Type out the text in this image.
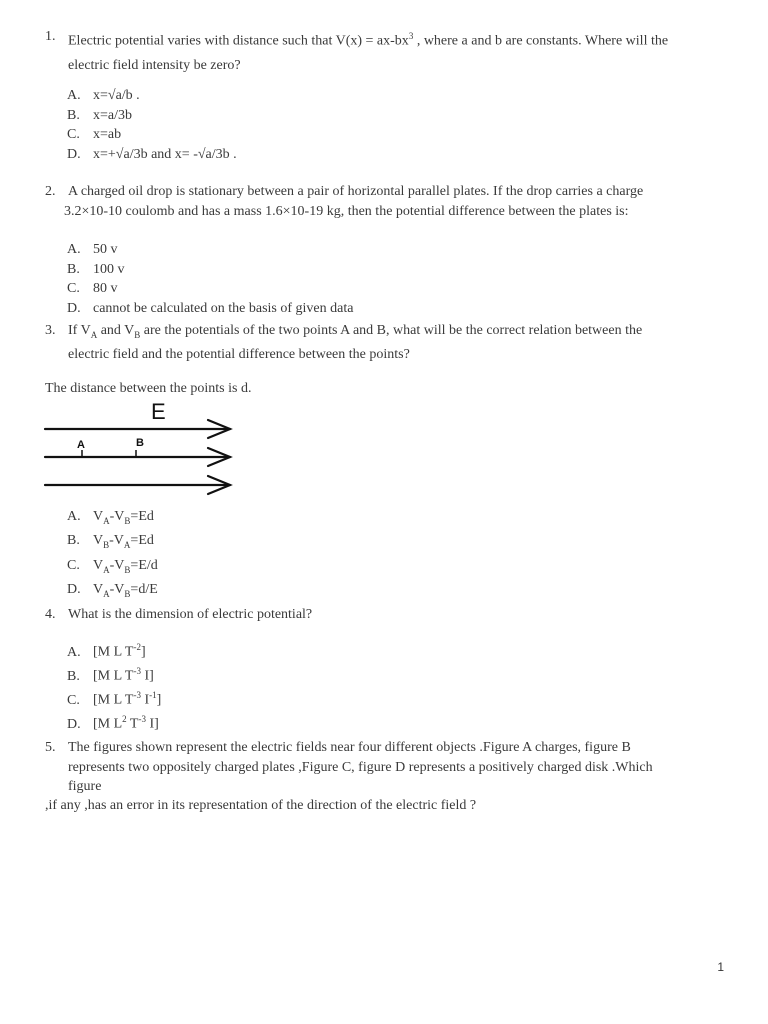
1. Electric potential varies with distance such that $V(x) = ax-bx^3$ , where a and b are constants. Where will the
electric field intensity be zero?
A. x=√a/b .
B. x=a/3b
C. x=ab
D. x=+√a/3b and x= -√a/3b .
2. A charged oil drop is stationary between a pair of horizontal parallel plates. If the drop carries a charge
3.2×10-10 coulomb and has a mass 1.6×10-19 kg, then the potential difference between the plates is:
A. 50 v
B. 100 v
C. 80 v
D. cannot be calculated on the basis of given data
3. If $V_A$ and $V_B$ are the potentials of the two points A and B, what will be the correct relation between the
electric field and the potential difference between the points?
The distance between the points is d.
E
A	B
A. $V_A-V_B=Ed$
B. $V_B-V_A=Ed$
C. $V_A-V_B=E/d$
D. $V_A-V_B=d/E$
4. What is the dimension of electric potential?
A. [M L $T^{-2}$]
B. [M L $T^{-3}$ I]
C. [M L $T^{-3}$ $I^{-1}$]
D. [M $L^2$ $T^{-3}$ I]
5. The figures shown represent the electric fields near four different objects .Figure A charges, figure B
represents two oppositely charged plates ,Figure C, figure D represents a positively charged disk .Which
figure
,if any ,has an error in its representation of the direction of the electric field ?
1
